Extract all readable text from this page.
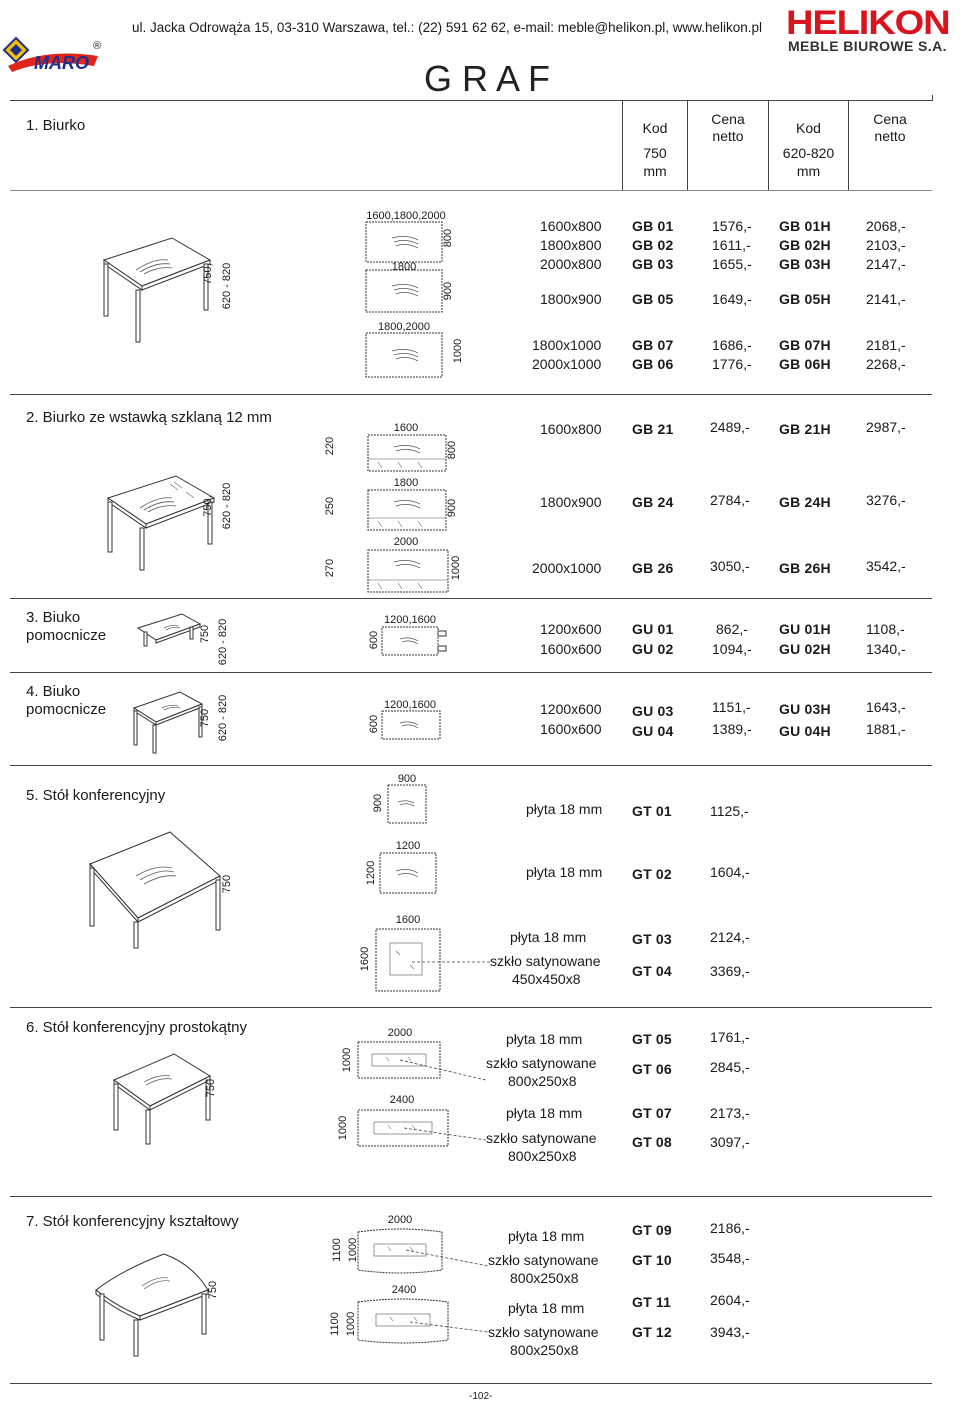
ul. Jacka Odrowąża 15, 03-310 Warszawa, tel.: (22) 591 62 62, e-mail: meble@helikon.pl, www.helikon.pl
MARO
®
HELIKON
MEBLE BIUROWE S.A.
G R A F
Kod
750
mm
Cena
netto	Kod
620-820
mm
Cena
netto
1. Biurko
750, 620 - 820
1600,1800,2000
800
1800
900
1800,2000
1000
1600x800 GB 01	1576,- GB 01H	2068,-
1800x800 GB 02	1611,- GB 02H	2103,-
2000x800 GB 03	1655,- GB 03H	2147,-
1800x900 GB 05	1649,- GB 05H	2141,-
1800x1000 GB 07	1686,- GB 07H	2181,-
2000x1000 GB 06	1776,- GB 06H	2268,-
2. Biurko ze wstawką szklaną 12 mm
750, 620 - 820
1600
220	800
1800
250	900
2000
270	1000
1600x800 GB 21	2489,- GB 21H	2987,-
1800x900 GB 24	2784,- GB 24H	3276,-
2000x1000 GB 26	3050,- GB 26H	3542,-
3. Biuko
pomocnicze	750 620 - 820	1200,1600
600
1200x600 GU 01	862,- GU 01H	1108,-
1600x600 GU 02	1094,- GU 02H	1340,-
4. Biuko
pomocnicze	750 620 - 820	1200,1600
600
1200x600 GU 03	1151,- GU 03H	1643,-
1600x600 GU 04	1389,- GU 04H	1881,-
5. Stół konferencyjny
750
900
900
1200
1200
1600
1600
płyta 18 mm GT 01	1125,-
płyta 18 mm GT 02	1604,-
płyta 18 mm	GT 03	2124,-
szkło satynowane
450x450x8	GT 04	3369,-
6. Stół konferencyjny prostokątny
750
2000
1000
2400
1000
płyta 18 mm	GT 05	1761,-
szkło satynowane
800x250x8
GT 06	2845,-
płyta 18 mm	GT 07	2173,-
szkło satynowane
800x250x8
GT 08	3097,-
7. Stół konferencyjny kształtowy
750
2000
1100 1000
2400
1100 1000
płyta 18 mm	GT 09	2186,-
szkło satynowane
800x250x8
GT 10	3548,-
płyta 18 mm	GT 11	2604,-
szkło satynowane
800x250x8
GT 12	3943,-
-102-
